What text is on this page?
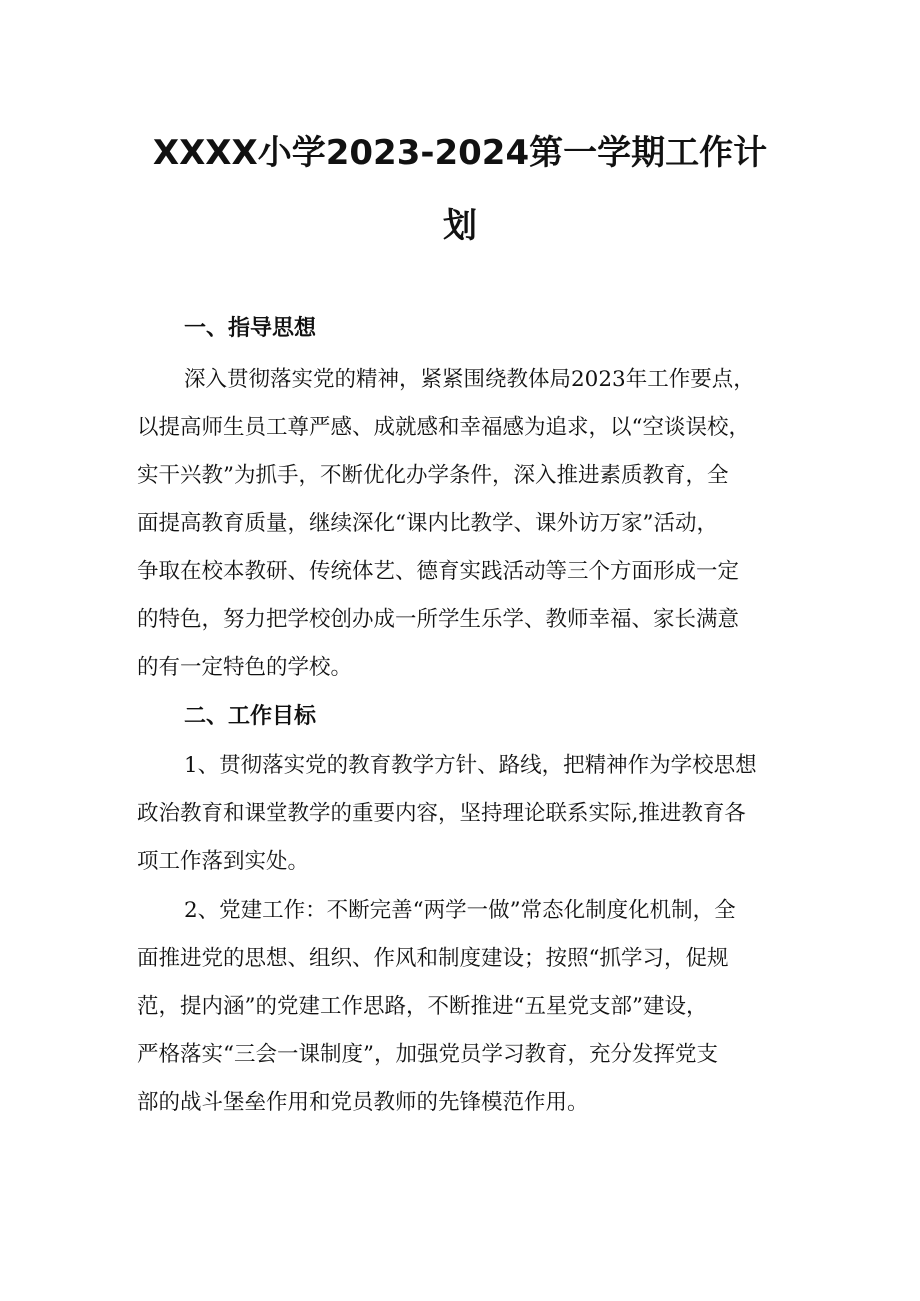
XXXX小学2023-2024第一学期工作计
划
一、指导思想
深入贯彻落实党的精神，紧紧围绕教体局2023年工作要点，
以提高师生员工尊严感、成就感和幸福感为追求，以“空谈误校，
实干兴教”为抓手，不断优化办学条件，深入推进素质教育，全
面提高教育质量，继续深化“课内比教学、课外访万家”活动，
争取在校本教研、传统体艺、德育实践活动等三个方面形成一定
的特色，努力把学校创办成一所学生乐学、教师幸福、家长满意
的有一定特色的学校。
二、工作目标
1、贯彻落实党的教育教学方针、路线，把精神作为学校思想
政治教育和课堂教学的重要内容，坚持理论联系实际,推进教育各
项工作落到实处。
2、党建工作：不断完善“两学一做”常态化制度化机制，全
面推进党的思想、组织、作风和制度建设；按照“抓学习，促规
范，提内涵”的党建工作思路，不断推进“五星党支部”建设，
严格落实“三会一课制度”，加强党员学习教育，充分发挥党支
部的战斗堡垒作用和党员教师的先锋模范作用。
